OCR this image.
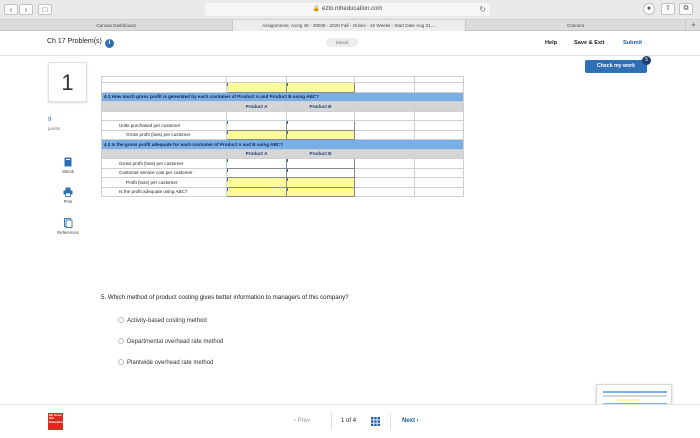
‹	›	□	🔒 ezto.mheducation.com	↻	●	⇧	⧉
Canvas Dashboard	Assignments: Acctg 46 - 39036 - 2020 Fall - Online - 15 Weeks - Start Date Aug 31,...	Connect	+
Ch 17 Problem(s) i	Saved	Help	Save & Exit	Submit
Check my work
5
1
9
points
eBook
Print
References

4.1 How much gross profit is generated by each customer of Product A and Product B using ABC?				
	Product A	Product B		

Units purchased per customer				
Gross profit (loss) per customer				
4.2 Is the gross profit adequate for each customer of Product A and B using ABC?				
	Product A	Product B		
Gross profit (loss) per customer				
Customer service cost per customer				
Profit (loss) per customer				
Is the profit adequate using ABC?				
5. Which method of product costing gives better information to managers of this company?
Activity-based costing method
Departmental overhead rate method
Plantwide overhead rate method
Mc Graw Hill Education	‹ Prev	1 of 4	Next ›
